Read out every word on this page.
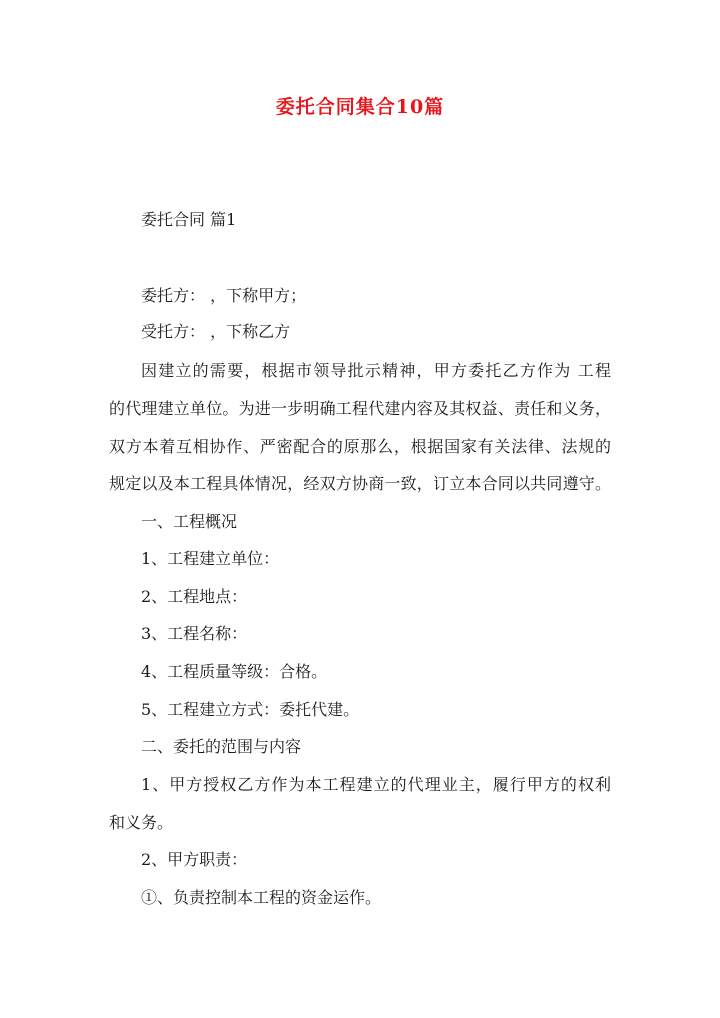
委托合同集合10篇
委托合同 篇1
委托方： ，下称甲方；
受托方： ，下称乙方
因建立的需要，根据市领导批示精神，甲方委托乙方作为 工程
的代理建立单位。为进一步明确工程代建内容及其权益、责任和义务，
双方本着互相协作、严密配合的原那么，根据国家有关法律、法规的
规定以及本工程具体情况，经双方协商一致，订立本合同以共同遵守。
一、工程概况
1、工程建立单位：
2、工程地点：
3、工程名称：
4、工程质量等级：合格。
5、工程建立方式：委托代建。
二、委托的范围与内容
1、甲方授权乙方作为本工程建立的代理业主，履行甲方的权利
和义务。
2、甲方职责：
①、负责控制本工程的资金运作。
